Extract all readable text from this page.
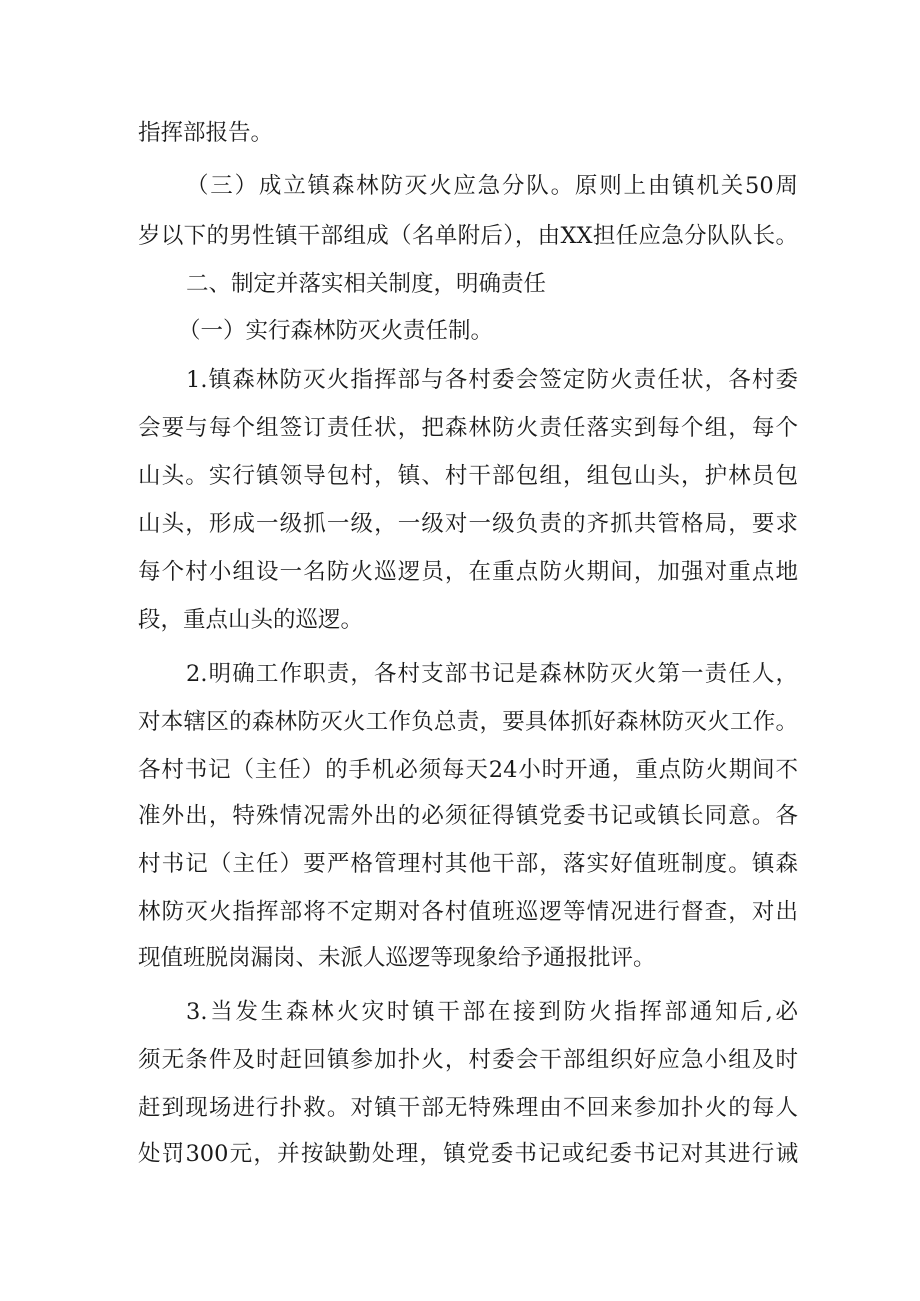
指挥部报告。
（三）成立镇森林防灭火应急分队。原则上由镇机关50周
岁以下的男性镇干部组成（名单附后），由XX担任应急分队队长。
二、制定并落实相关制度，明确责任
（一）实行森林防灭火责任制。
1.镇森林防灭火指挥部与各村委会签定防火责任状，各村委
会要与每个组签订责任状，把森林防火责任落实到每个组，每个
山头。实行镇领导包村，镇、村干部包组，组包山头，护林员包
山头，形成一级抓一级，一级对一级负责的齐抓共管格局，要求
每个村小组设一名防火巡逻员，在重点防火期间，加强对重点地
段，重点山头的巡逻。
2.明确工作职责，各村支部书记是森林防灭火第一责任人，
对本辖区的森林防灭火工作负总责，要具体抓好森林防灭火工作。
各村书记（主任）的手机必须每天24小时开通，重点防火期间不
准外出，特殊情况需外出的必须征得镇党委书记或镇长同意。各
村书记（主任）要严格管理村其他干部，落实好值班制度。镇森
林防灭火指挥部将不定期对各村值班巡逻等情况进行督查，对出
现值班脱岗漏岗、未派人巡逻等现象给予通报批评。
3.当发生森林火灾时镇干部在接到防火指挥部通知后,必
须无条件及时赶回镇参加扑火，村委会干部组织好应急小组及时
赶到现场进行扑救。对镇干部无特殊理由不回来参加扑火的每人
处罚300元，并按缺勤处理，镇党委书记或纪委书记对其进行诫
